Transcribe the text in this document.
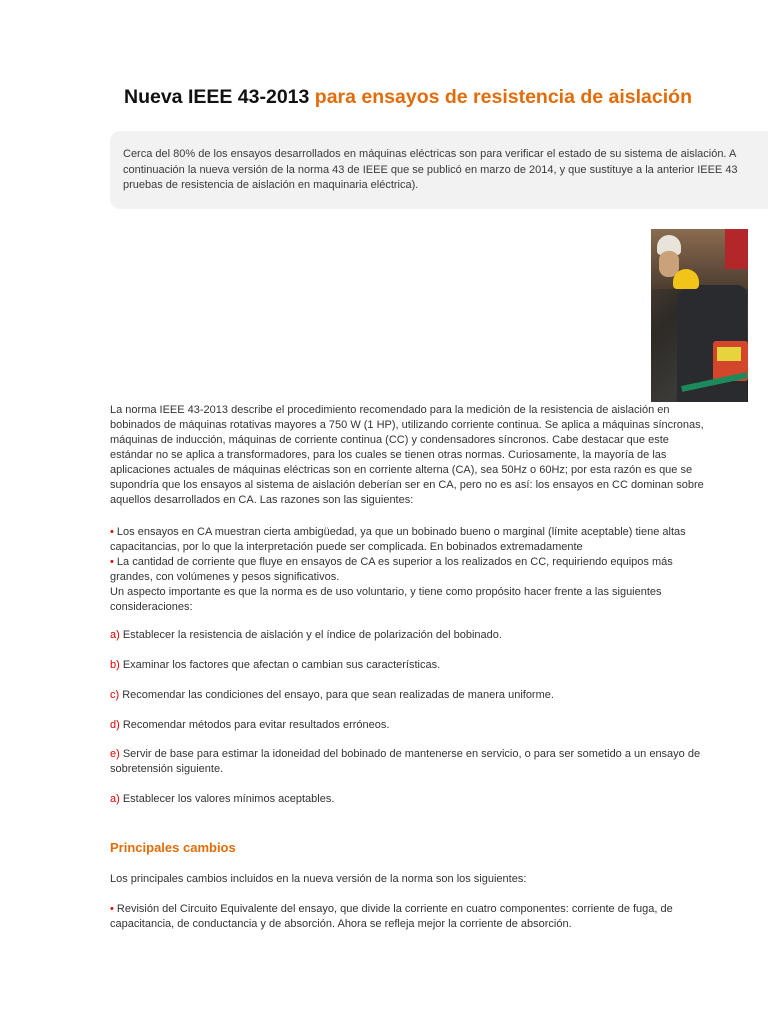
Nueva IEEE 43-2013 para ensayos de resistencia de aislación

Cerca del 80% de los ensayos desarrollados en máquinas eléctricas son para verificar el estado de su sistema de aislación. A
continuación la nueva versión de la norma 43 de IEEE que se publicó en marzo de 2014, y que sustituye a la anterior IEEE 43
pruebas de resistencia de aislación en maquinaria eléctrica).

La norma IEEE 43-2013 describe el procedimiento recomendado para la medición de la resistencia de aislación en
bobinados de máquinas rotativas mayores a 750 W (1 HP), utilizando corriente continua. Se aplica a máquinas síncronas,
máquinas de inducción, máquinas de corriente continua (CC) y condensadores síncronos. Cabe destacar que este
estándar no se aplica a transformadores, para los cuales se tienen otras normas. Curiosamente, la mayoría de las
aplicaciones actuales de máquinas eléctricas son en corriente alterna (CA), sea 50Hz o 60Hz; por esta razón es que se
supondría que los ensayos al sistema de aislación deberían ser en CA, pero no es así: los ensayos en CC dominan sobre
aquellos desarrollados en CA. Las razones son las siguientes:

• Los ensayos en CA muestran cierta ambigüedad, ya que un bobinado bueno o marginal (límite aceptable) tiene altas
capacitancias, por lo que la interpretación puede ser complicada. En bobinados extremadamente
• La cantidad de corriente que fluye en ensayos de CA es superior a los realizados en CC, requiriendo equipos más
grandes, con volúmenes y pesos significativos.
Un aspecto importante es que la norma es de uso voluntario, y tiene como propósito hacer frente a las siguientes
consideraciones:

a) Establecer la resistencia de aislación y el índice de polarización del bobinado.

b) Examinar los factores que afectan o cambian sus características.

c) Recomendar las condiciones del ensayo, para que sean realizadas de manera uniforme.

d) Recomendar métodos para evitar resultados erróneos.

e) Servir de base para estimar la idoneidad del bobinado de mantenerse en servicio, o para ser sometido a un ensayo de
sobretensión siguiente.

a) Establecer los valores mínimos aceptables.

Principales cambios

Los principales cambios incluidos en la nueva versión de la norma son los siguientes:

• Revisión del Circuito Equivalente del ensayo, que divide la corriente en cuatro componentes: corriente de fuga, de
capacitancia, de conductancia y de absorción. Ahora se refleja mejor la corriente de absorción.
